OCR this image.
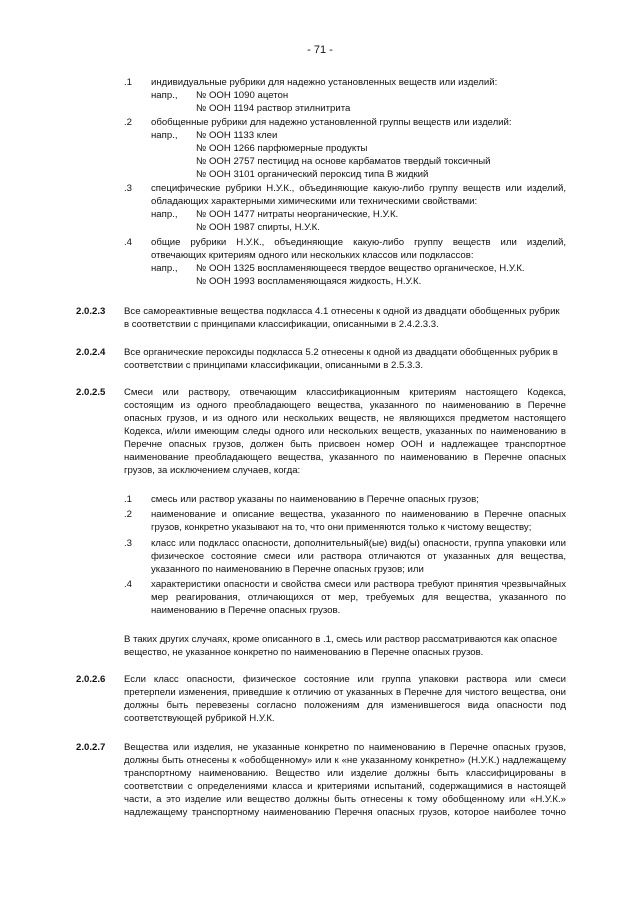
- 71 -
.1 индивидуальные рубрики для надежно установленных веществ или изделий:
напр., № ООН 1090 ацетон
№ ООН 1194 раствор этилнитрита
.2 обобщенные рубрики для надежно установленной группы веществ или изделий:
напр., № ООН 1133 клеи
№ ООН 1266 парфюмерные продукты
№ ООН 2757 пестицид на основе карбаматов твердый токсичный
№ ООН 3101 органический пероксид типа В жидкий
.3 специфические рубрики Н.У.К., объединяющие какую-либо группу веществ или изделий,
обладающих характерными химическими или техническими свойствами:
напр., № ООН 1477 нитраты неорганические, Н.У.К.
№ ООН 1987 спирты, Н.У.К.
.4 общие рубрики Н.У.К., объединяющие какую-либо группу веществ или изделий,
отвечающих критериям одного или нескольких классов или подклассов:
напр., № ООН 1325 воспламеняющееся твердое вещество органическое, Н.У.К.
№ ООН 1993 воспламеняющаяся жидкость, Н.У.К.
2.0.2.3 Все самореактивные вещества подкласса 4.1 отнесены к одной из двадцати обобщенных рубрик
в соответствии с принципами классификации, описанными в 2.4.2.3.3.
2.0.2.4 Все органические пероксиды подкласса 5.2 отнесены к одной из двадцати обобщенных рубрик в
соответствии с принципами классификации, описанными в 2.5.3.3.
2.0.2.5 Смеси или раствору, отвечающим классификационным критериям настоящего Кодекса,
состоящим из одного преобладающего вещества, указанного по наименованию в Перечне
опасных грузов, и из одного или нескольких веществ, не являющихся предметом настоящего
Кодекса, и/или имеющим следы одного или нескольких веществ, указанных по наименованию в
Перечне опасных грузов, должен быть присвоен номер ООН и надлежащее транспортное
наименование преобладающего вещества, указанного по наименованию в Перечне опасных
грузов, за исключением случаев, когда:
.1 смесь или раствор указаны по наименованию в Перечне опасных грузов;
.2 наименование и описание вещества, указанного по наименованию в Перечне опасных
грузов, конкретно указывают на то, что они применяются только к чистому веществу;
.3 класс или подкласс опасности, дополнительный(ые) вид(ы) опасности, группа упаковки или
физическое состояние смеси или раствора отличаются от указанных для вещества,
указанного по наименованию в Перечне опасных грузов; или
.4 характеристики опасности и свойства смеси или раствора требуют принятия чрезвычайных
мер реагирования, отличающихся от мер, требуемых для вещества, указанного по
наименованию в Перечне опасных грузов.
В таких других случаях, кроме описанного в .1, смесь или раствор рассматриваются как опасное
вещество, не указанное конкретно по наименованию в Перечне опасных грузов.
2.0.2.6 Если класс опасности, физическое состояние или группа упаковки раствора или смеси
претерпели изменения, приведшие к отличию от указанных в Перечне для чистого вещества, они
должны быть перевезены согласно положениям для изменившегося вида опасности под
соответствующей рубрикой Н.У.К.
2.0.2.7 Вещества или изделия, не указанные конкретно по наименованию в Перечне опасных грузов,
должны быть отнесены к «обобщенному» или к «не указанному конкретно» (Н.У.К.) надлежащему
транспортному наименованию. Вещество или изделие должны быть классифицированы в
соответствии с определениями класса и критериями испытаний, содержащимися в настоящей
части, а это изделие или вещество должны быть отнесены к тому обобщенному или «Н.У.К.»
надлежащему транспортному наименованию Перечня опасных грузов, которое наиболее точно
